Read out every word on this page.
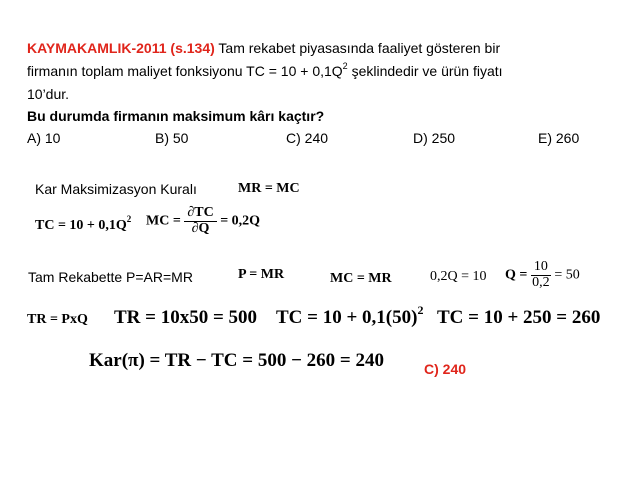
KAYMAKAMLIK-2011 (s.134) Tam rekabet piyasasında faaliyet gösteren bir
firmanın toplam maliyet fonksiyonu TC = $10 + 0,1Q^2$ şeklindedir ve ürün fiyatı
10’dur.
Bu durumda firmanın maksimum kârı kaçtır?
A) 10	B) 50	C) 240	D) 250	E) 260
Kar Maksimizasyon Kuralı	MR = MC
TC = $10 + 0,1Q^2$ MC = $\frac{\partial TC}{\partial Q} = 0,2Q$
Tam Rekabette P=AR=MR	P = MR	MC = MR	0,2Q = 10 $Q = \frac{10}{0,2} = 50$
TR = PxQ TR = 10x50 = 500 TC = $10 + 0,1(50)^2$ TC = 10 + 250 = 260
Kar(π) = TR − TC = 500 − 260 = 240	C) 240
